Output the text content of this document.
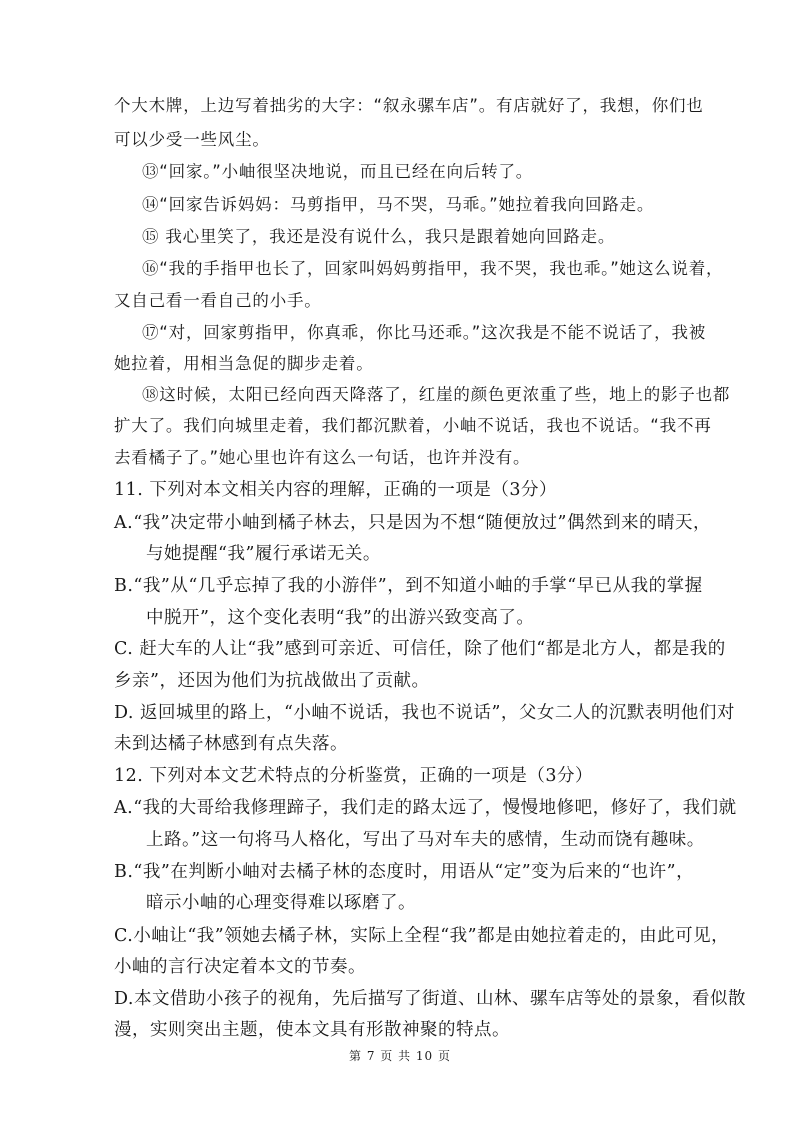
个大木牌，上边写着拙劣的大字：“叙永骡车店”。有店就好了，我想，你们也
可以少受一些风尘。
⑬“回家。”小岫很坚决地说，而且已经在向后转了。
⑭“回家告诉妈妈：马剪指甲，马不哭，马乖。”她拉着我向回路走。
⑮ 我心里笑了，我还是没有说什么，我只是跟着她向回路走。
⑯“我的手指甲也长了，回家叫妈妈剪指甲，我不哭，我也乖。”她这么说着，
又自己看一看自己的小手。
⑰“对，回家剪指甲，你真乖，你比马还乖。”这次我是不能不说话了，我被
她拉着，用相当急促的脚步走着。
⑱这时候，太阳已经向西天降落了，红崖的颜色更浓重了些，地上的影子也都
扩大了。我们向城里走着，我们都沉默着，小岫不说话，我也不说话。“我不再
去看橘子了。”她心里也许有这么一句话，也许并没有。
11. 下列对本文相关内容的理解，正确的一项是（3分）
A.“我”决定带小岫到橘子林去，只是因为不想“随便放过”偶然到来的晴天，
与她提醒“我”履行承诺无关。
B.“我”从“几乎忘掉了我的小游伴”，到不知道小岫的手掌“早已从我的掌握
中脱开”，这个变化表明“我”的出游兴致变高了。
C. 赶大车的人让“我”感到可亲近、可信任，除了他们“都是北方人，都是我的
乡亲”，还因为他们为抗战做出了贡献。
D. 返回城里的路上，“小岫不说话，我也不说话”，父女二人的沉默表明他们对
未到达橘子林感到有点失落。
12. 下列对本文艺术特点的分析鉴赏，正确的一项是（3分）
A.“我的大哥给我修理蹄子，我们走的路太远了，慢慢地修吧，修好了，我们就
上路。”这一句将马人格化，写出了马对车夫的感情，生动而饶有趣味。
B.“我”在判断小岫对去橘子林的态度时，用语从“定”变为后来的“也许”，
暗示小岫的心理变得难以琢磨了。
C.小岫让“我”领她去橘子林，实际上全程“我”都是由她拉着走的，由此可见，
小岫的言行决定着本文的节奏。
D.本文借助小孩子的视角，先后描写了街道、山林、骡车店等处的景象，看似散
漫，实则突出主题，使本文具有形散神聚的特点。
第 7 页 共 10 页
